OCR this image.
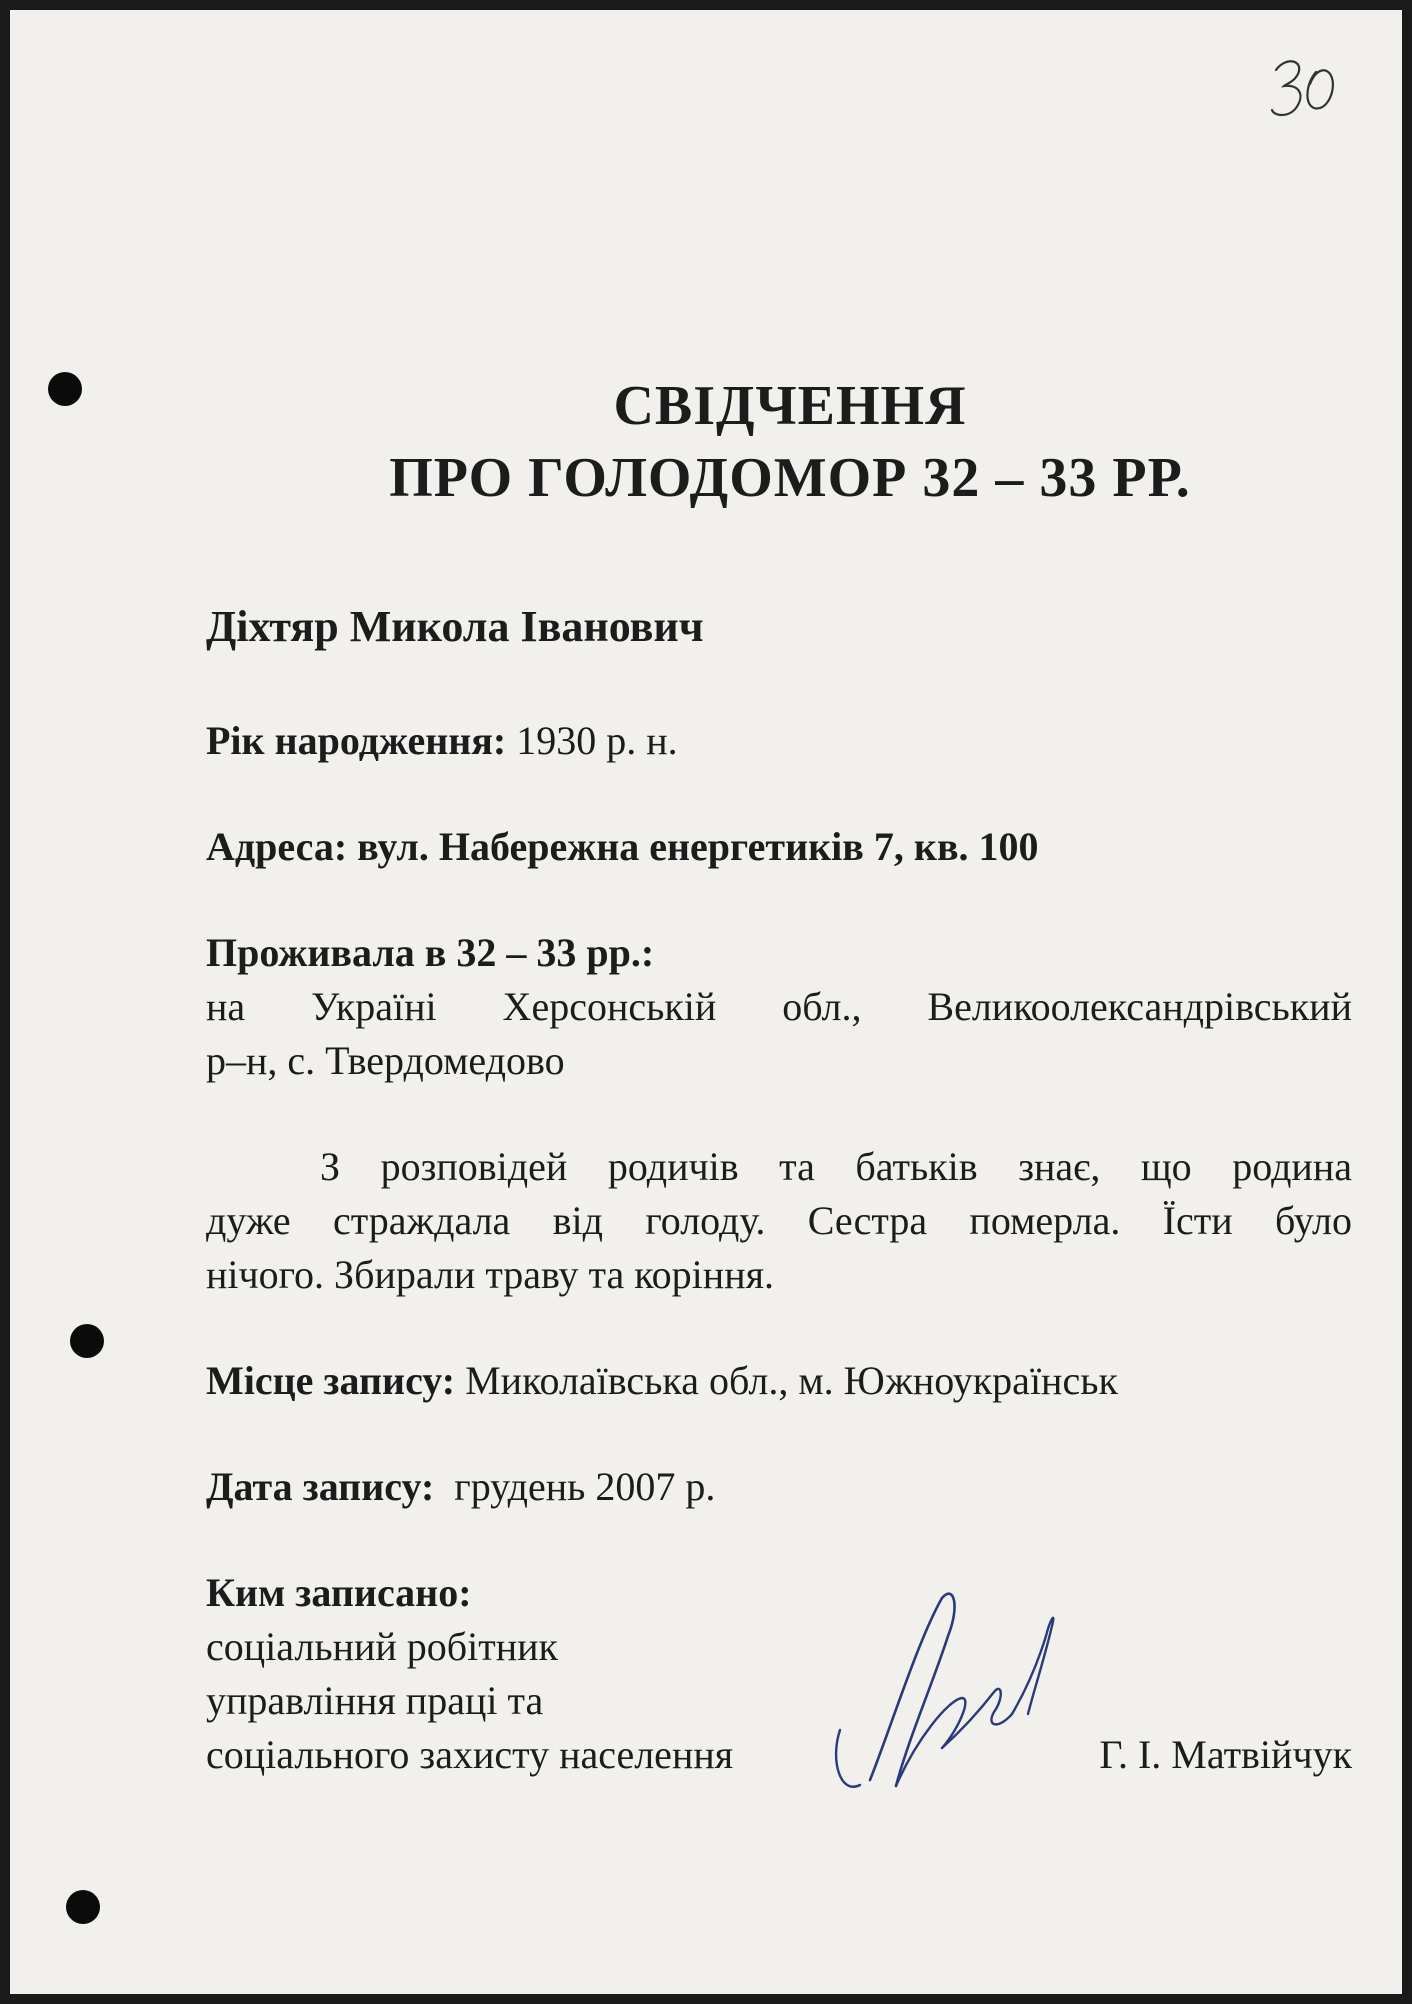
СВІДЧЕННЯ
ПРО ГОЛОДОМОР 32 – 33 РР.

Діхтяр Микола Іванович

Рік народження: 1930 р. н.

Адреса: вул. Набережна енергетиків 7, кв. 100

Проживала в 32 – 33 рр.:

на Україні Херсонській обл., Великоолександрівський

р–н, с. Твердомедово

З розповідей родичів та батьків знає, що родина

дуже страждала від голоду. Сестра померла. Їсти було

нічого. Збирали траву та коріння.

Місце запису: Миколаївська обл., м. Южноукраїнськ

Дата запису: грудень 2007 р.

Ким записано:

соціальний робітник

управління праці та

соціального захисту населення	Г. І. Матвійчук
